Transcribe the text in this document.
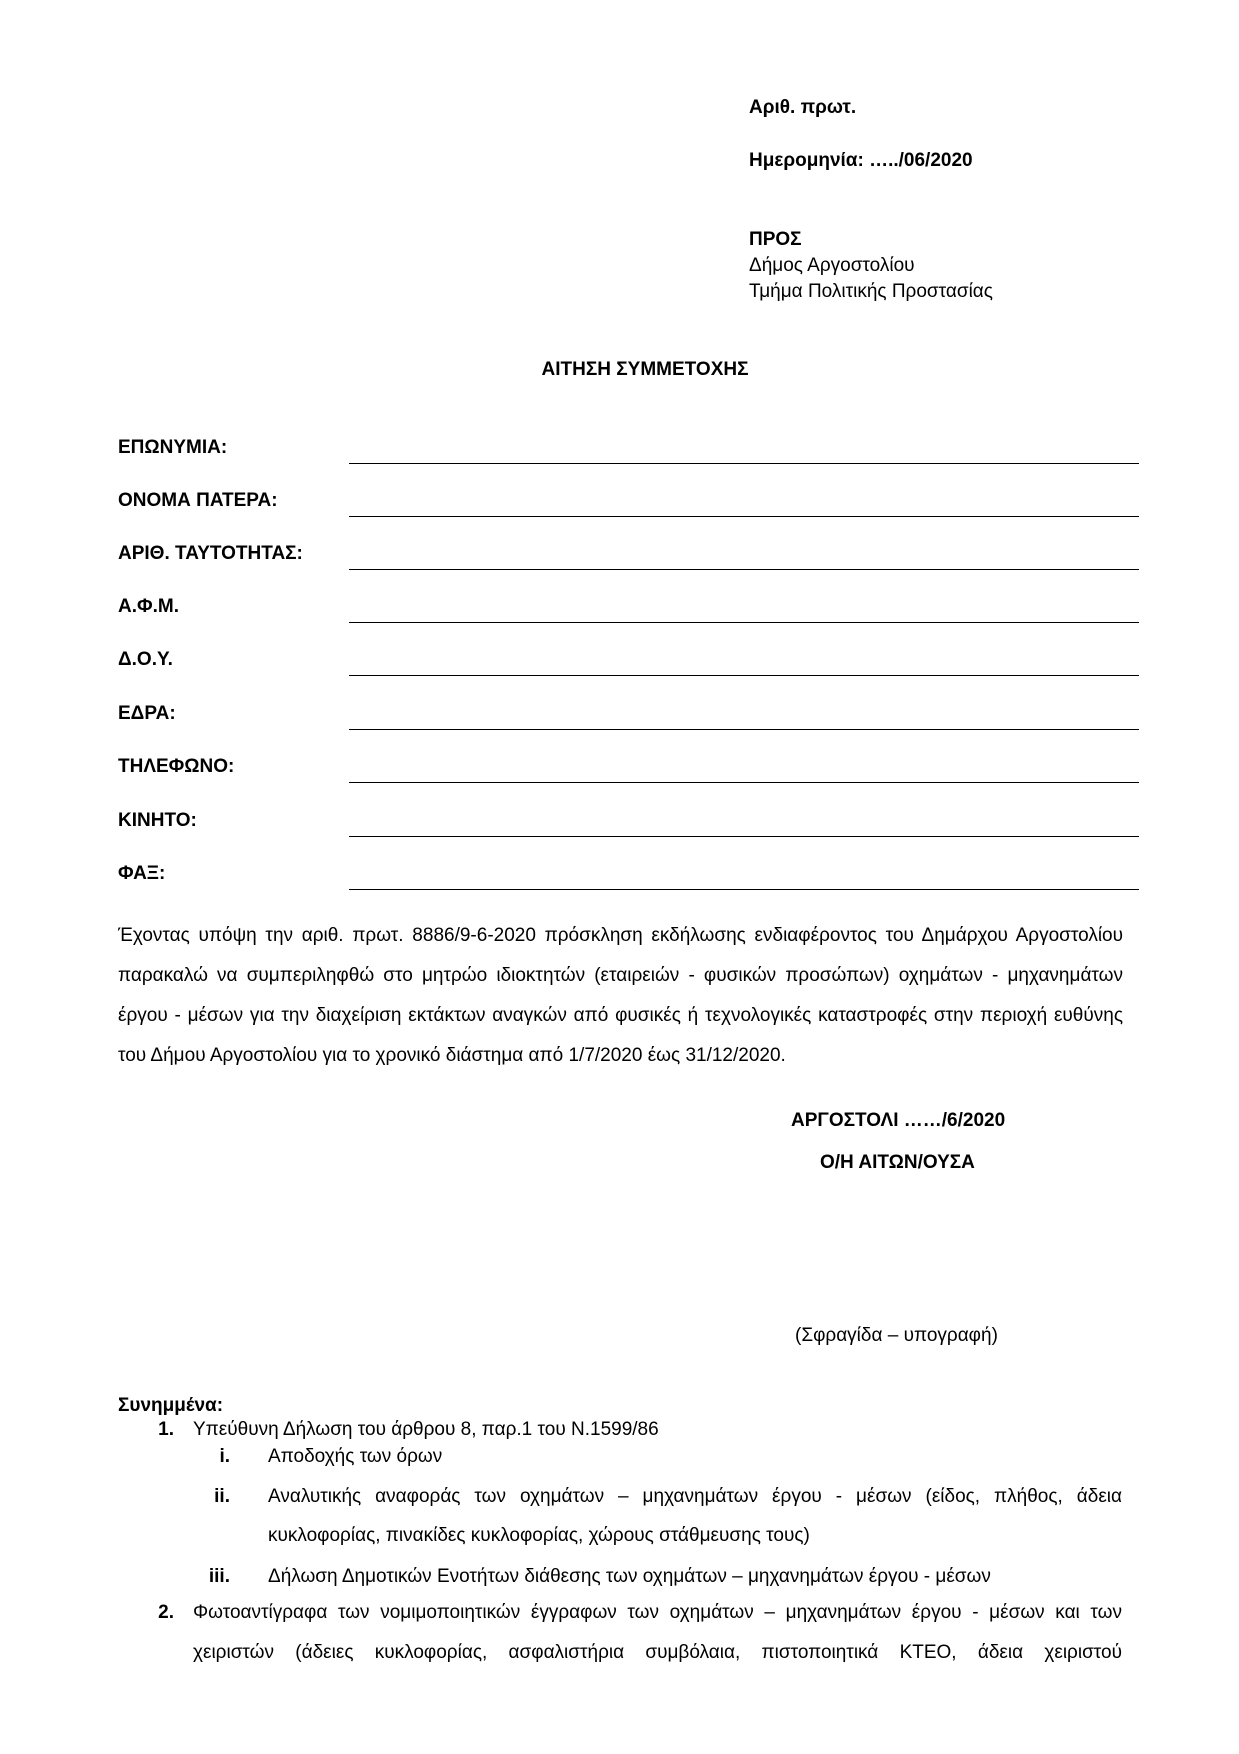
Αριθ. πρωτ.
Ημερομηνία: …../06/2020
ΠΡΟΣ
Δήμος Αργοστολίου
Τμήμα Πολιτικής Προστασίας
ΑΙΤΗΣΗ ΣΥΜΜΕΤΟΧΗΣ
ΕΠΩΝΥΜΙΑ:
ΟΝΟΜΑ ΠΑΤΕΡΑ:
ΑΡΙΘ. ΤΑΥΤΟΤΗΤΑΣ:
Α.Φ.Μ.
Δ.Ο.Υ.
ΕΔΡΑ:
ΤΗΛΕΦΩΝΟ:
ΚΙΝΗΤΟ:
ΦΑΞ:
Έχοντας υπόψη την αριθ. πρωτ. 8886/9-6-2020 πρόσκληση εκδήλωσης ενδιαφέροντος του Δημάρχου Αργοστολίου παρακαλώ να συμπεριληφθώ στο μητρώο ιδιοκτητών (εταιρειών - φυσικών προσώπων) οχημάτων - μηχανημάτων έργου - μέσων για την διαχείριση εκτάκτων αναγκών από φυσικές ή τεχνολογικές καταστροφές στην περιοχή ευθύνης του Δήμου Αργοστολίου για το χρονικό διάστημα από 1/7/2020 έως 31/12/2020.
ΑΡΓΟΣΤΟΛΙ ……/6/2020
Ο/Η ΑΙΤΩΝ/ΟΥΣΑ
(Σφραγίδα – υπογραφή)
Συνημμένα:
1. Υπεύθυνη Δήλωση του άρθρου 8, παρ.1 του Ν.1599/86
i. Αποδοχής των όρων
ii. Αναλυτικής αναφοράς των οχημάτων – μηχανημάτων έργου - μέσων (είδος, πλήθος, άδεια
κυκλοφορίας, πινακίδες κυκλοφορίας, χώρους στάθμευσης τους)
iii. Δήλωση Δημοτικών Ενοτήτων διάθεσης των οχημάτων – μηχανημάτων έργου - μέσων
2. Φωτοαντίγραφα των νομιμοποιητικών έγγραφων των οχημάτων – μηχανημάτων έργου - μέσων και των
χειριστών (άδειες κυκλοφορίας, ασφαλιστήρια συμβόλαια, πιστοποιητικά ΚΤΕΟ, άδεια χειριστού
